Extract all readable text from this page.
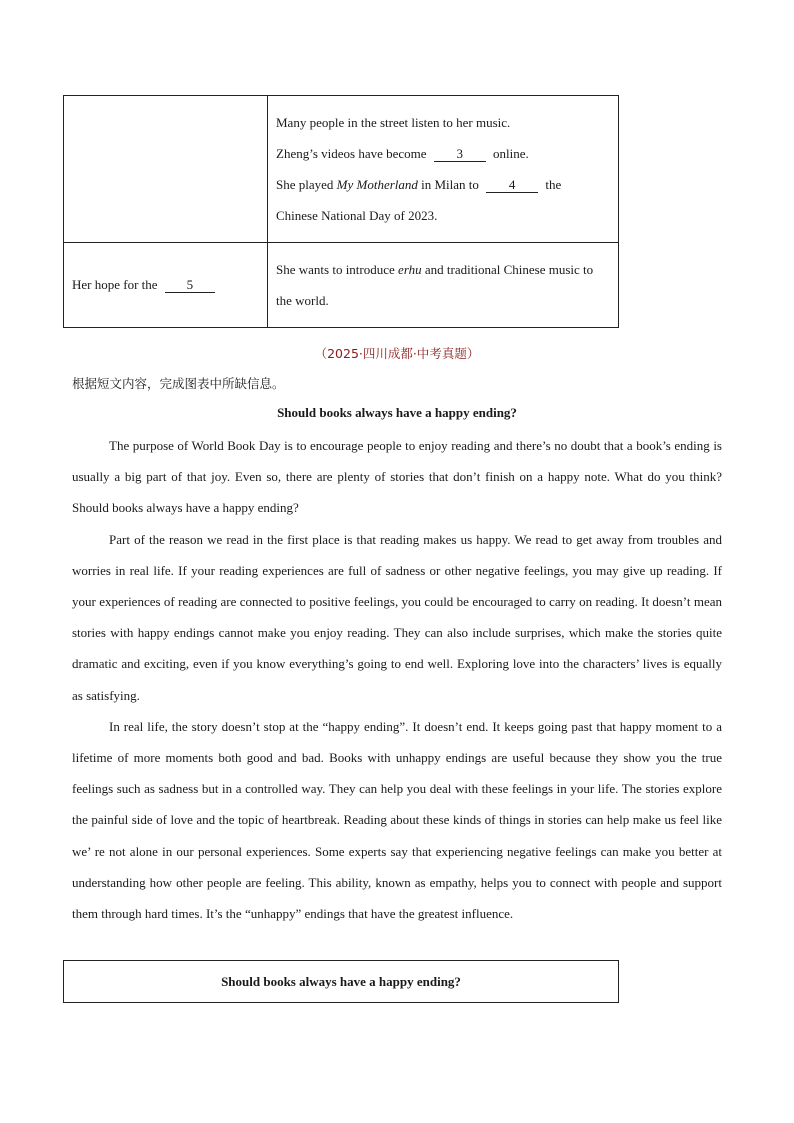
	Many people in the street listen to her music.
Zheng’s videos have become 3 online.
She played My Motherland in Milan to 4 the
Chinese National Day of 2023.

Her hope for the 5	She wants to introduce erhu and traditional Chinese music to the world.
（2025·四川成都·中考真题）
根据短文内容，完成图表中所缺信息。
Should books always have a happy ending?

The purpose of World Book Day is to encourage people to enjoy reading and there’s no doubt that a book’s ending is usually a big part of that joy. Even so, there are plenty of stories that don’t finish on a happy note. What do you think? Should books always have a happy ending?

Part of the reason we read in the first place is that reading makes us happy. We read to get away from troubles and worries in real life. If your reading experiences are full of sadness or other negative feelings, you may give up reading. If your experiences of reading are connected to positive feelings, you could be encouraged to carry on reading. It doesn’t mean stories with happy endings cannot make you enjoy reading. They can also include surprises, which make the stories quite dramatic and exciting, even if you know everything’s going to end well. Exploring love into the characters’ lives is equally as satisfying.

In real life, the story doesn’t stop at the “happy ending”. It doesn’t end. It keeps going past that happy moment to a lifetime of more moments both good and bad. Books with unhappy endings are useful because they show you the true feelings such as sadness but in a controlled way. They can help you deal with these feelings in your life. The stories explore the painful side of love and the topic of heartbreak. Reading about these kinds of things in stories can help make us feel like we’ re not alone in our personal experiences. Some experts say that experiencing negative feelings can make you better at understanding how other people are feeling. This ability, known as empathy, helps you to connect with people and support them through hard times. It’s the “unhappy” endings that have the greatest influence.

Should books always have a happy ending?
